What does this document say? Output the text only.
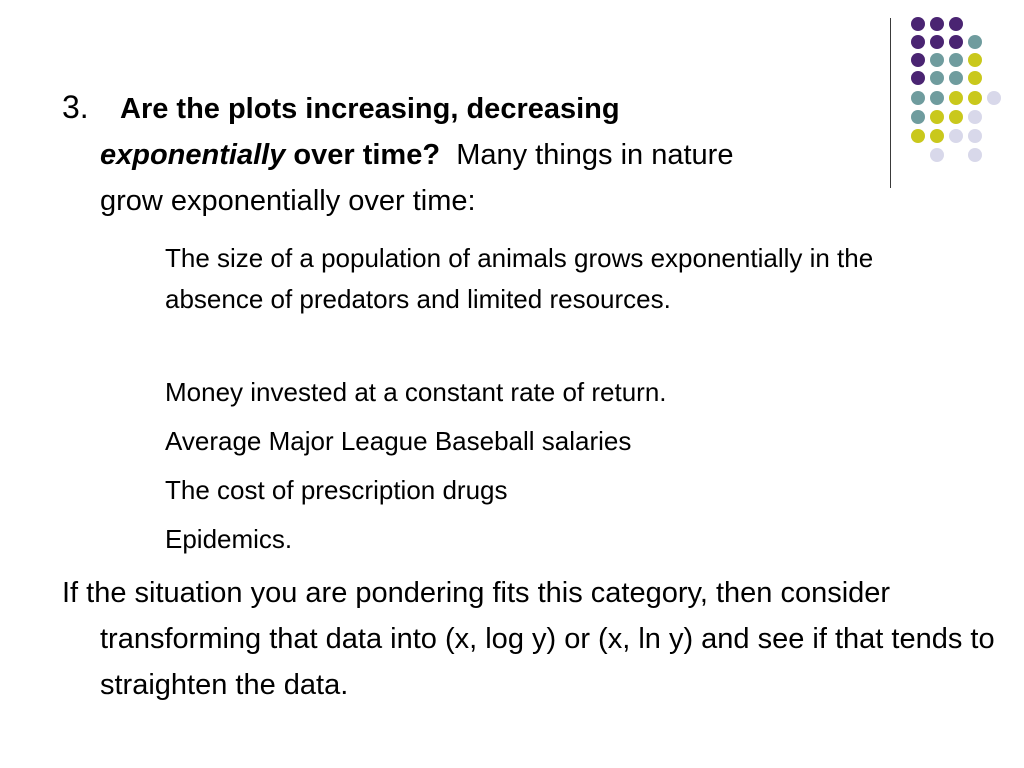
3. Are the plots increasing, decreasing
exponentially over time? Many things in nature
grow exponentially over time:
The size of a population of animals grows exponentially in the absence of predators and limited resources.
Money invested at a constant rate of return.
Average Major League Baseball salaries
The cost of prescription drugs
Epidemics.
If the situation you are pondering fits this category, then consider transforming that data into (x, log y) or (x, ln y) and see if that tends to straighten the data.
